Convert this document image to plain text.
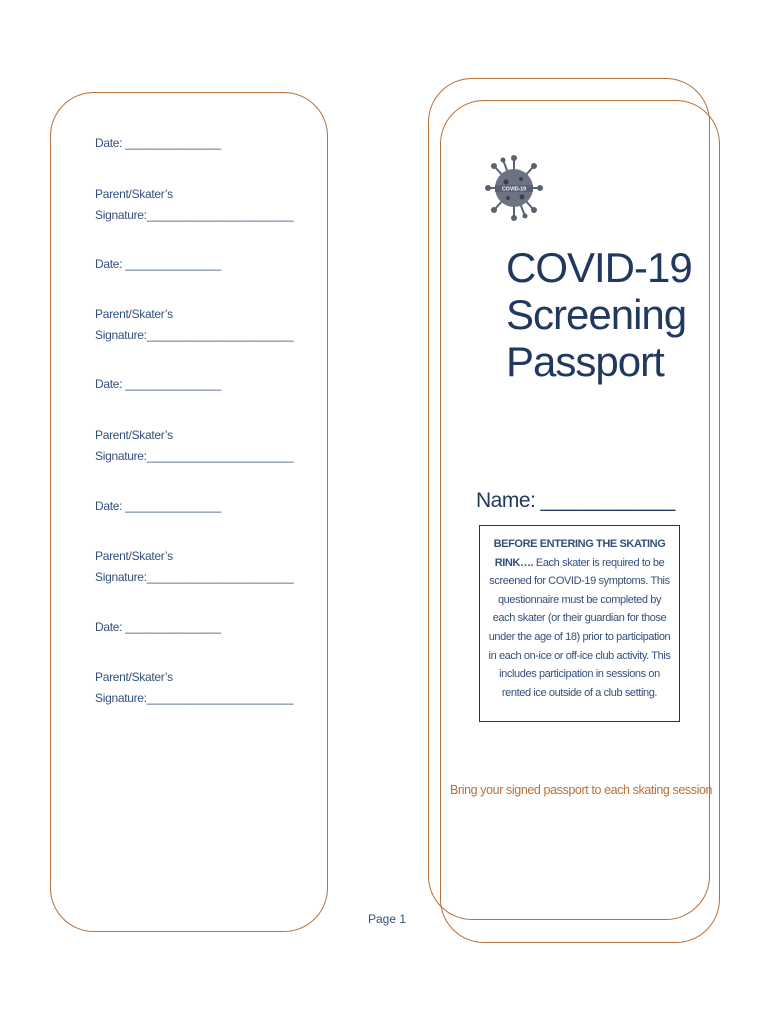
Date: _______________
Parent/Skater’s
Signature:_______________________
Date: _______________
Parent/Skater’s
Signature:_______________________
Date: _______________
Parent/Skater’s
Signature:_______________________
Date: _______________
Parent/Skater’s
Signature:_______________________
Date: _______________
Parent/Skater’s
Signature:_______________________
COVID-19
COVID-19
Screening
Passport
Name: ____________
BEFORE ENTERING THE SKATING RINK…. Each skater is required to be screened for COVID-19 symptoms. This questionnaire must be completed by each skater (or their guardian for those under the age of 18) prior to participation in each on-ice or off-ice club activity. This includes participation in sessions on rented ice outside of a club setting.
Bring your signed passport to each skating session
Page 1
